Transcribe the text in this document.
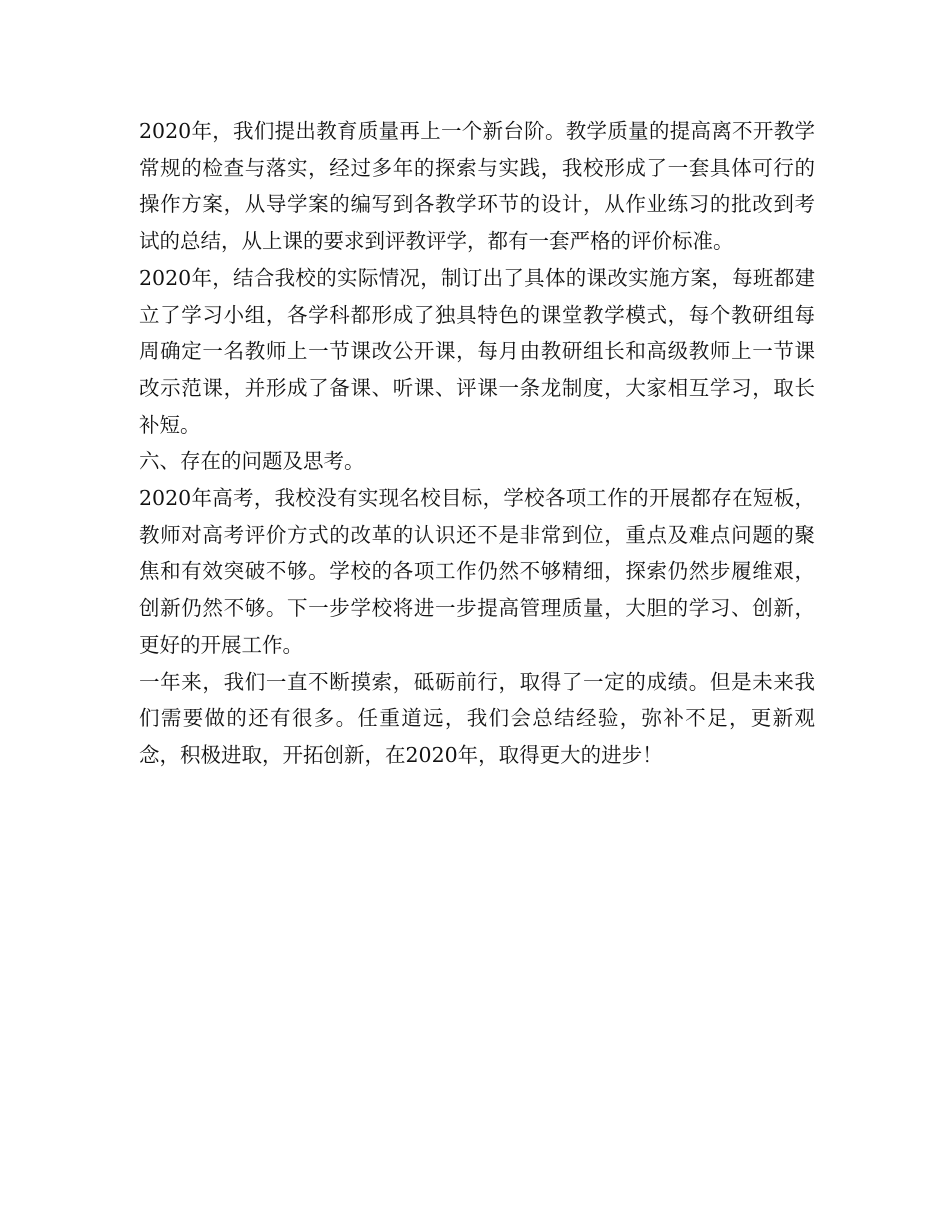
2020年，我们提出教育质量再上一个新台阶。教学质量的提高离不开教学常规的检查与落实，经过多年的探索与实践，我校形成了一套具体可行的操作方案，从导学案的编写到各教学环节的设计，从作业练习的批改到考试的总结，从上课的要求到评教评学，都有一套严格的评价标准。

2020年，结合我校的实际情况，制订出了具体的课改实施方案，每班都建立了学习小组，各学科都形成了独具特色的课堂教学模式，每个教研组每周确定一名教师上一节课改公开课，每月由教研组长和高级教师上一节课改示范课，并形成了备课、听课、评课一条龙制度，大家相互学习，取长补短。

六、存在的问题及思考。

2020年高考，我校没有实现名校目标，学校各项工作的开展都存在短板，教师对高考评价方式的改革的认识还不是非常到位，重点及难点问题的聚焦和有效突破不够。学校的各项工作仍然不够精细，探索仍然步履维艰，创新仍然不够。下一步学校将进一步提高管理质量，大胆的学习、创新，更好的开展工作。

一年来，我们一直不断摸索，砥砺前行，取得了一定的成绩。但是未来我们需要做的还有很多。任重道远，我们会总结经验，弥补不足，更新观念，积极进取，开拓创新，在2020年，取得更大的进步！
